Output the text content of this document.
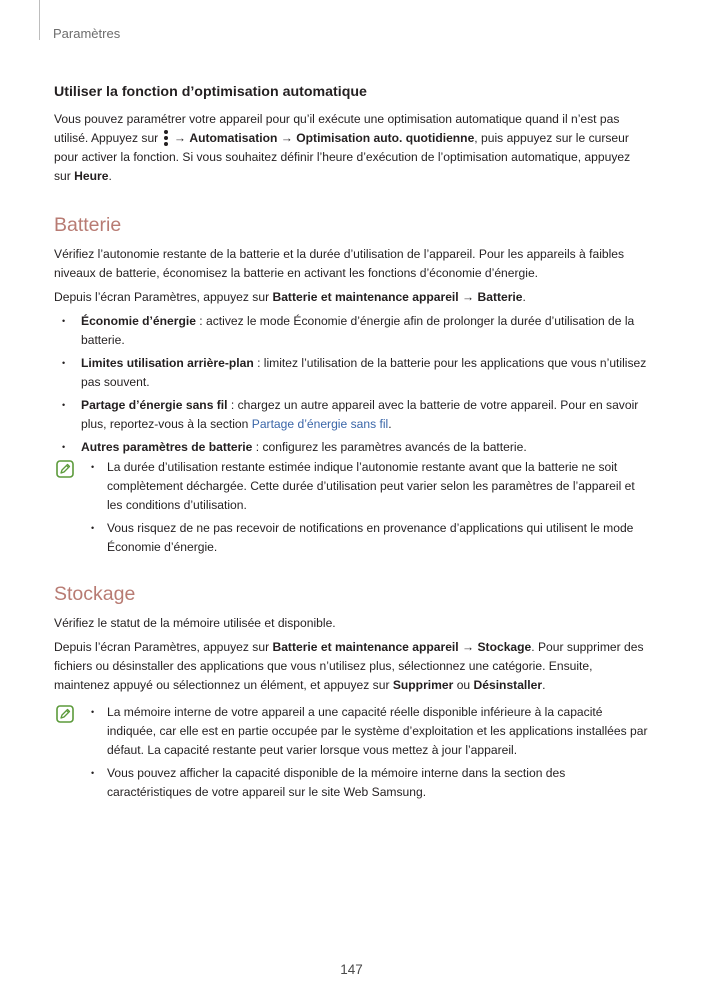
Paramètres
Utiliser la fonction d’optimisation automatique

Vous pouvez paramétrer votre appareil pour qu’il exécute une optimisation automatique quand il n’est pas utilisé. Appuyez sur
→ Automatisation → Optimisation auto. quotidienne, puis appuyez sur le curseur pour activer la fonction. Si vous souhaitez définir l’heure d’exécution de l’optimisation automatique, appuyez sur Heure.

Batterie

Vérifiez l’autonomie restante de la batterie et la durée d’utilisation de l’appareil. Pour les appareils à faibles niveaux de batterie, économisez la batterie en activant les fonctions d’économie d’énergie.

Depuis l’écran Paramètres, appuyez sur Batterie et maintenance appareil → Batterie.

• Économie d’énergie : activez le mode Économie d’énergie afin de prolonger la durée d’utilisation de la batterie.
• Limites utilisation arrière-plan : limitez l’utilisation de la batterie pour les applications que vous n’utilisez pas souvent.
• Partage d’énergie sans fil : chargez un autre appareil avec la batterie de votre appareil. Pour en savoir plus, reportez-vous à la section Partage d’énergie sans fil.
• Autres paramètres de batterie : configurez les paramètres avancés de la batterie.
• La durée d’utilisation restante estimée indique l’autonomie restante avant que la batterie ne soit complètement déchargée. Cette durée d’utilisation peut varier selon les paramètres de l’appareil et les conditions d’utilisation.
• Vous risquez de ne pas recevoir de notifications en provenance d’applications qui utilisent le mode Économie d’énergie.
Stockage

Vérifiez le statut de la mémoire utilisée et disponible.

Depuis l’écran Paramètres, appuyez sur Batterie et maintenance appareil → Stockage. Pour supprimer des fichiers ou désinstaller des applications que vous n’utilisez plus, sélectionnez une catégorie. Ensuite, maintenez appuyé ou sélectionnez un élément, et appuyez sur Supprimer ou Désinstaller.

• La mémoire interne de votre appareil a une capacité réelle disponible inférieure à la capacité indiquée, car elle est en partie occupée par le système d’exploitation et les applications installées par défaut. La capacité restante peut varier lorsque vous mettez à jour l’appareil.
• Vous pouvez afficher la capacité disponible de la mémoire interne dans la section des caractéristiques de votre appareil sur le site Web Samsung.
147
